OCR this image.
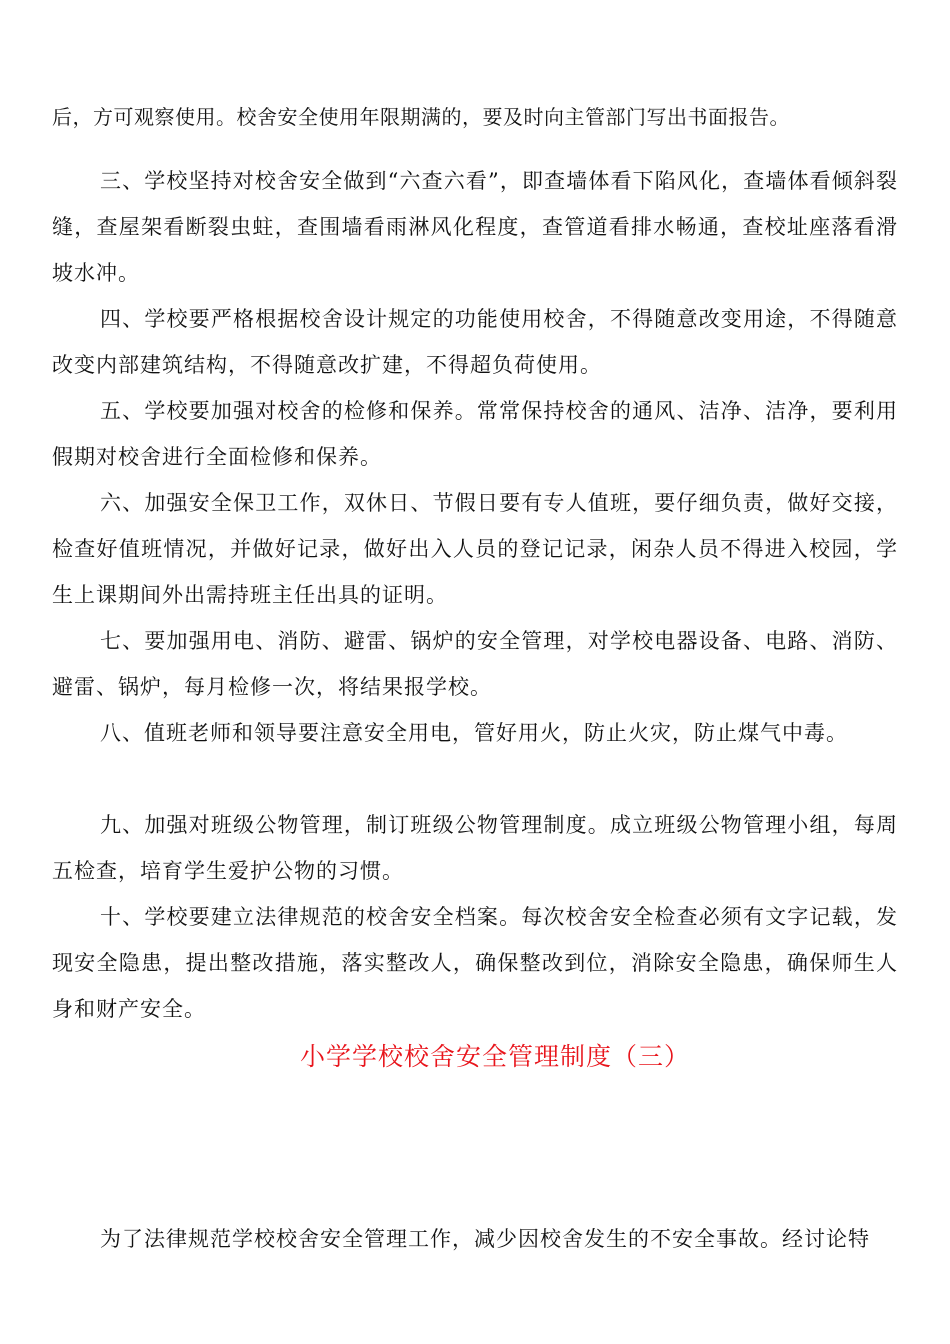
后，方可观察使用。校舍安全使用年限期满的，要及时向主管部门写出书面报告。
三、学校坚持对校舍安全做到“六查六看”，即查墙体看下陷风化，查墙体看倾斜裂缝，查屋架看断裂虫蛀，查围墙看雨淋风化程度，查管道看排水畅通，查校址座落看滑坡水冲。
四、学校要严格根据校舍设计规定的功能使用校舍，不得随意改变用途，不得随意改变内部建筑结构，不得随意改扩建，不得超负荷使用。
五、学校要加强对校舍的检修和保养。常常保持校舍的通风、洁净、洁净，要利用假期对校舍进行全面检修和保养。
六、加强安全保卫工作，双休日、节假日要有专人值班，要仔细负责，做好交接，检查好值班情况，并做好记录，做好出入人员的登记记录，闲杂人员不得进入校园，学生上课期间外出需持班主任出具的证明。
七、要加强用电、消防、避雷、锅炉的安全管理，对学校电器设备、电路、消防、避雷、锅炉，每月检修一次，将结果报学校。
八、值班老师和领导要注意安全用电，管好用火，防止火灾，防止煤气中毒。
九、加强对班级公物管理，制订班级公物管理制度。成立班级公物管理小组，每周五检查，培育学生爱护公物的习惯。
十、学校要建立法律规范的校舍安全档案。每次校舍安全检查必须有文字记载，发现安全隐患，提出整改措施，落实整改人，确保整改到位，消除安全隐患，确保师生人身和财产安全。
小学学校校舍安全管理制度（三）
为了法律规范学校校舍安全管理工作，减少因校舍发生的不安全事故。经讨论特
